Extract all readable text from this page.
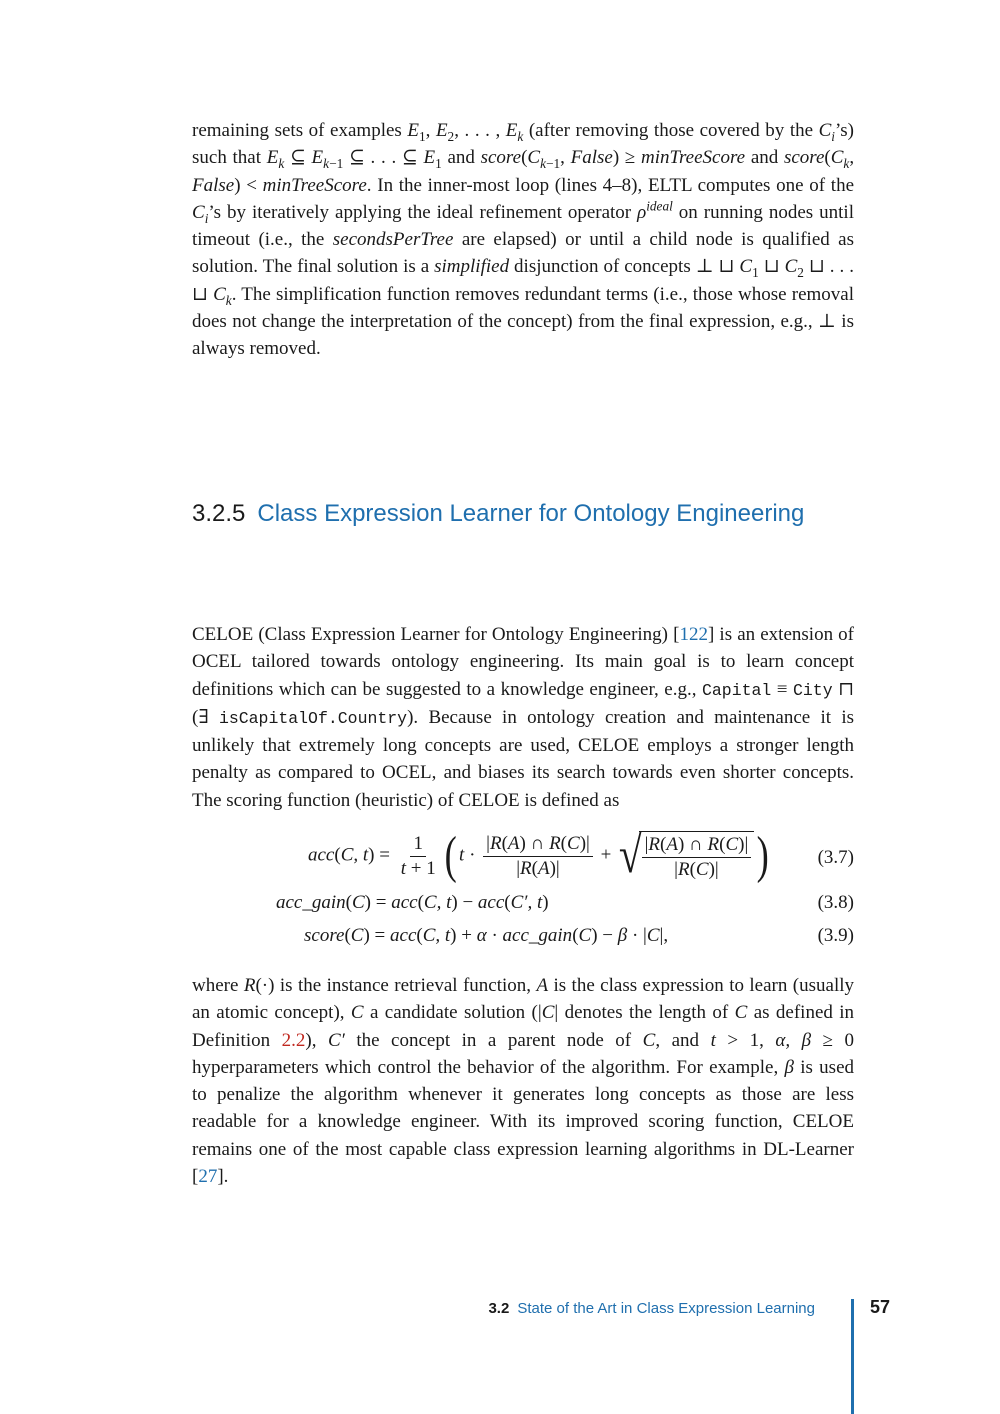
remaining sets of examples $E_1$, $E_2$, . . . , $E_k$ (after removing those covered by the $C_i’s$) such that $E_k$ ⊆ $E_{k-1}$ ⊆ . . . ⊆ $E_1$ and $score(C_{k-1}$, False) ≥ minTreeScore and $score(C_k$, False) < minTreeScore. In the inner-most loop (lines 4–8), ELTL computes one of the $C_i’s$ by iteratively applying the ideal refinement operator $\rho^{ideal}$ on running nodes until timeout (i.e., the secondsPerTree are elapsed) or until a child node is qualified as solution. The final solution is a simplified disjunction of concepts ⊥ ⊔ $C_1$ ⊔ $C_2$ ⊔ . . . ⊔ $C_k$. The simplification function removes redundant terms (i.e., those whose removal does not change the interpretation of the concept) from the final expression, e.g., ⊥ is always removed.

3.2.5 Class Expression Learner for Ontology Engineering

CELOE (Class Expression Learner for Ontology Engineering) [122] is an extension of OCEL tailored towards ontology engineering. Its main goal is to learn concept definitions which can be suggested to a knowledge engineer, e.g., Capital ≡ City ⊓ (∃ isCapitalOf.Country). Because in ontology creation and maintenance it is unlikely that extremely long concepts are used, CELOE employs a stronger length penalty as compared to OCEL, and biases its search towards even shorter concepts. The scoring function (heuristic) of CELOE is defined as

acc(C, $t) = \frac{1}{t + 1}$ ( $t \cdot \frac{|R(A) \cap R(C)|}{|R(A)|}$ + √ $\frac{|R(A) \cap R(C)|}{|R(C)|}$ )	(3.7)
acc_gain(C) = acc(C, t) − acc(C′, t)	(3.8)
score(C) = acc(C, t) + α · acc_gain(C) − β · |C|,	(3.9)

where R(·) is the instance retrieval function, A is the class expression to learn (usually an atomic concept), C a candidate solution (|C| denotes the length of C as defined in Definition 2.2), C′ the concept in a parent node of C, and t > 1, α, β ≥ 0 hyperparameters which control the behavior of the algorithm. For example, β is used to penalize the algorithm whenever it generates long concepts as those are less readable for a knowledge engineer. With its improved scoring function, CELOE remains one of the most capable class expression learning algorithms in DL-Learner [27].

3.2 State of the Art in Class Expression Learning	57
